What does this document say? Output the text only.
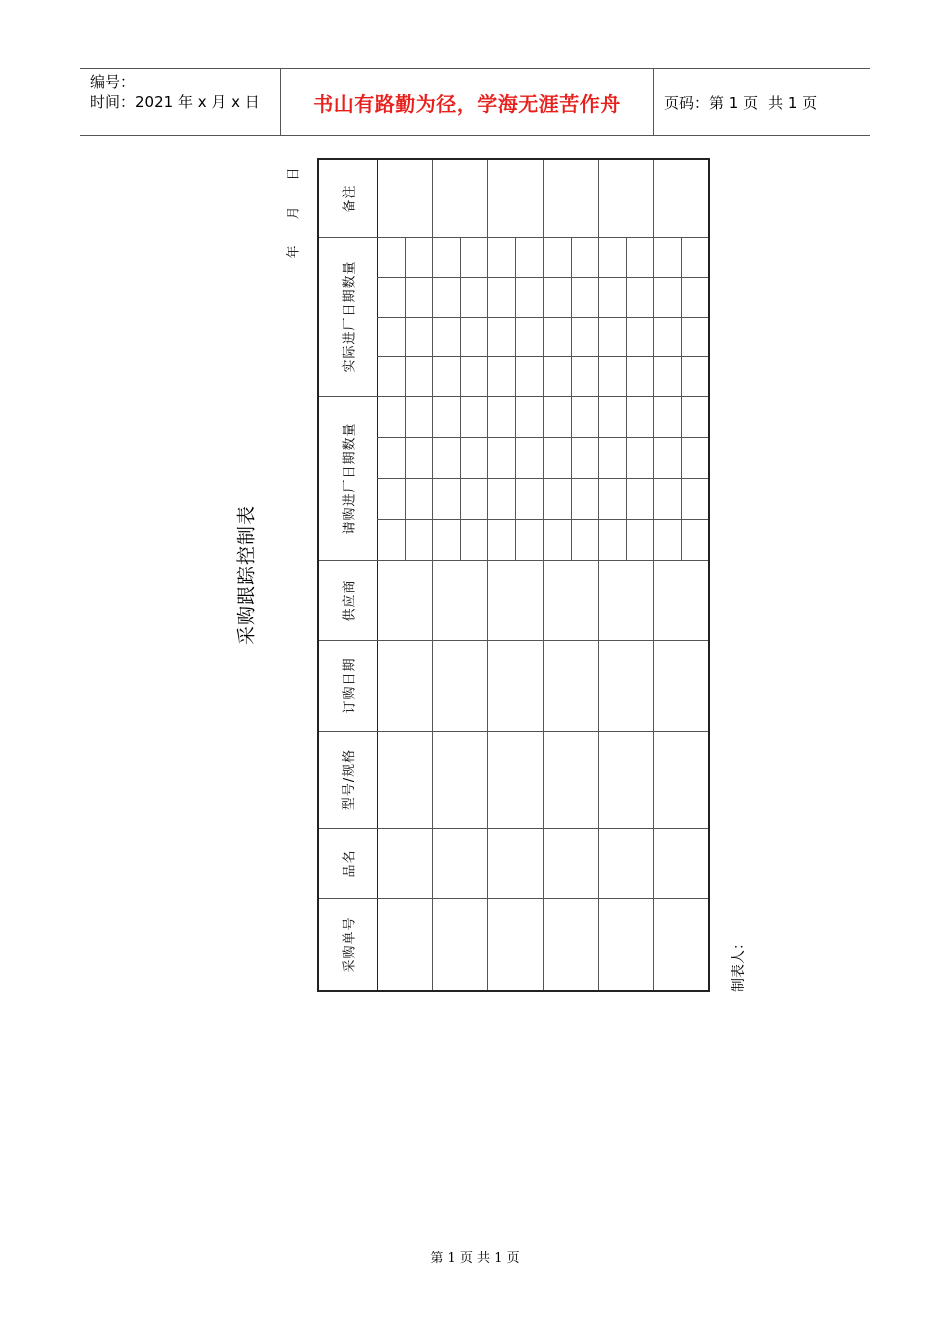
编号：
时间：2021 年 x 月 x 日	书山有路勤为径，学海无涯苦作舟	页码：第 1 页 共 1 页
采购跟踪控制表
日
月
年
制表人：
采购单号
品名
型号/规格
订购日期
供应商
请购进厂日期数量
实际进厂日期数量
备注
第 1 页 共 1 页
